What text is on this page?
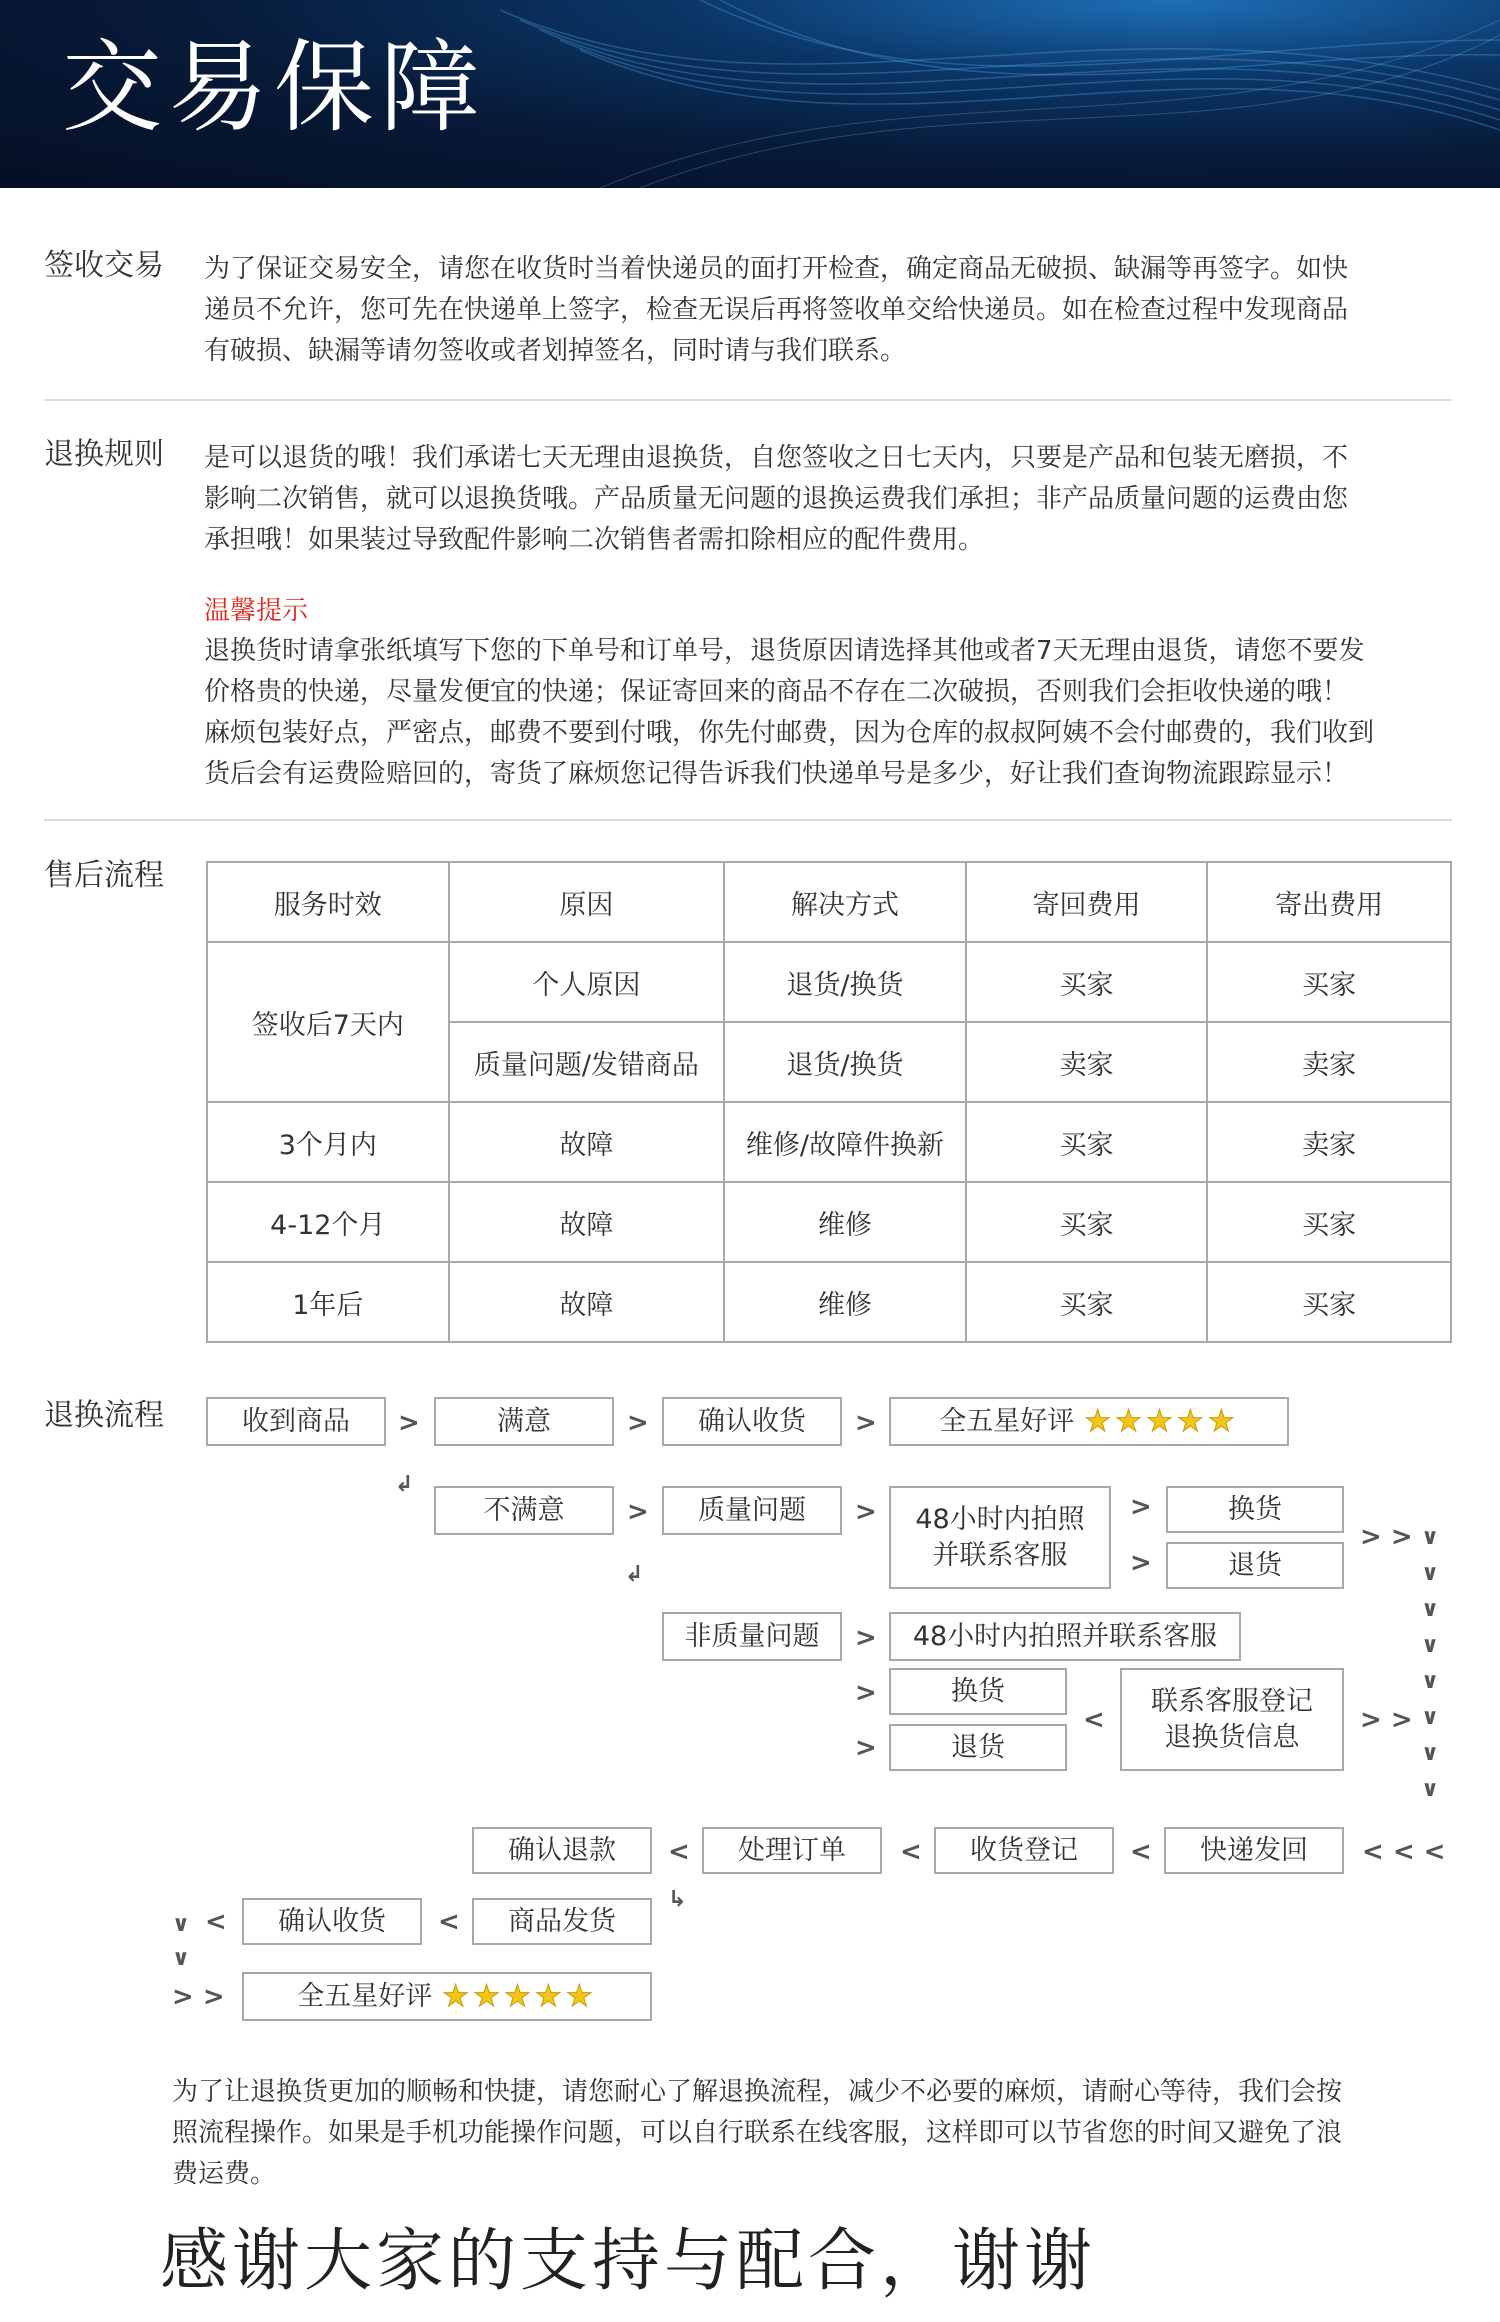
交易保障
签收交易 为了保证交易安全，请您在收货时当着快递员的面打开检查，确定商品无破损、缺漏等再签字。如快
递员不允许，您可先在快递单上签字，检查无误后再将签收单交给快递员。如在检查过程中发现商品
有破损、缺漏等请勿签收或者划掉签名，同时请与我们联系。
退换规则 是可以退货的哦！我们承诺七天无理由退换货，自您签收之日七天内，只要是产品和包装无磨损，不
影响二次销售，就可以退换货哦。产品质量无问题的退换运费我们承担；非产品质量问题的运费由您
承担哦！如果装过导致配件影响二次销售者需扣除相应的配件费用。
温馨提示
退换货时请拿张纸填写下您的下单号和订单号，退货原因请选择其他或者7天无理由退货，请您不要发
价格贵的快递，尽量发便宜的快递；保证寄回来的商品不存在二次破损，否则我们会拒收快递的哦！
麻烦包装好点，严密点，邮费不要到付哦，你先付邮费，因为仓库的叔叔阿姨不会付邮费的，我们收到
货后会有运费险赔回的，寄货了麻烦您记得告诉我们快递单号是多少，好让我们查询物流跟踪显示！
售后流程
服务时效	原因	解决方式	寄回费用	寄出费用
签收后7天内	个人原因	退货/换货	买家	买家
	质量问题/发错商品	退货/换货	卖家	卖家
3个月内	故障	维修/故障件换新	买家	卖家
4-12个月	故障	维修	买家	买家
1年后	故障	维修	买家	买家
退换流程	收到商品	>	满意	>	确认收货	> 全五星好评 ★★★★★
↲
不满意	>	质量问题	>	48小时内拍照
并联系客服
>
>
换货
退货
> > ∨
∨
∨
∨
∨
∨
∨
∨
↲
非质量问题	>	48小时内拍照并联系客服
>
>
换货
退货
<
联系客服登记
退换货信息
> >
确认退款	<	处理订单	<	收货登记	<	快递发回	< < <
↳
∨
∨
<	确认收货	<	商品发货
> >	全五星好评 ★★★★★
为了让退换货更加的顺畅和快捷，请您耐心了解退换流程，减少不必要的麻烦，请耐心等待，我们会按
照流程操作。如果是手机功能操作问题，可以自行联系在线客服，这样即可以节省您的时间又避免了浪
费运费。
感谢大家的支持与配合，谢谢
